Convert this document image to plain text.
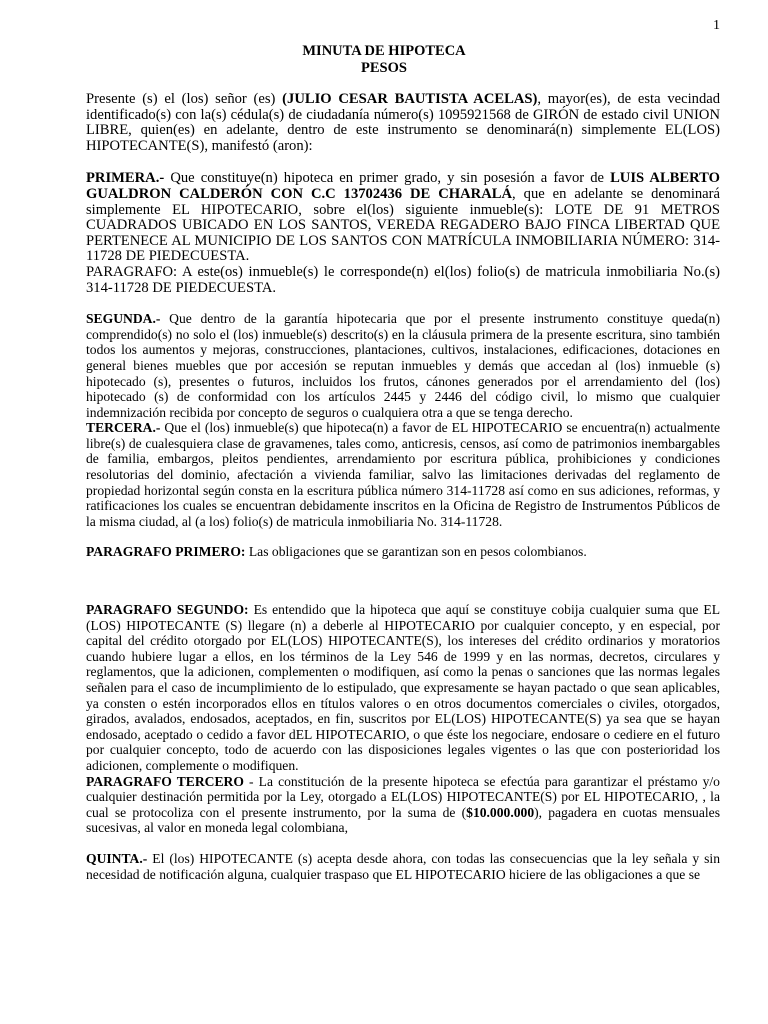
1
MINUTA DE HIPOTECA
PESOS

Presente (s) el (los) señor (es) (JULIO CESAR BAUTISTA ACELAS), mayor(es), de esta vecindad identificado(s) con la(s) cédula(s) de ciudadanía número(s) 1095921568 de GIRÓN de estado civil UNION LIBRE, quien(es) en adelante, dentro de este instrumento se denominará(n) simplemente EL(LOS) HIPOTECANTE(S), manifestó (aron):

PRIMERA.- Que constituye(n) hipoteca en primer grado, y sin posesión a favor de LUIS ALBERTO GUALDRON CALDERÓN CON C.C 13702436 DE CHARALÁ, que en adelante se denominará simplemente EL HIPOTECARIO, sobre el(los) siguiente inmueble(s): LOTE DE 91 METROS CUADRADOS UBICADO EN LOS SANTOS, VEREDA REGADERO BAJO FINCA LIBERTAD QUE PERTENECE AL MUNICIPIO DE LOS SANTOS CON MATRÍCULA INMOBILIARIA NÚMERO: 314-11728 DE PIEDECUESTA.

PARAGRAFO: A este(os) inmueble(s) le corresponde(n) el(los) folio(s) de matricula inmobiliaria No.(s) 314-11728 DE PIEDECUESTA.

SEGUNDA.- Que dentro de la garantía hipotecaria que por el presente instrumento constituye queda(n) comprendido(s) no solo el (los) inmueble(s) descrito(s) en la cláusula primera de la presente escritura, sino también todos los aumentos y mejoras, construcciones, plantaciones, cultivos, instalaciones, edificaciones, dotaciones en general bienes muebles que por accesión se reputan inmuebles y demás que accedan al (los) inmueble (s) hipotecado (s), presentes o futuros, incluidos los frutos, cánones generados por el arrendamiento del (los) hipotecado (s) de conformidad con los artículos 2445 y 2446 del código civil, lo mismo que cualquier indemnización recibida por concepto de seguros o cualquiera otra a que se tenga derecho.

TERCERA.- Que el (los) inmueble(s) que hipoteca(n) a favor de EL HIPOTECARIO se encuentra(n) actualmente libre(s) de cualesquiera clase de gravamenes, tales como, anticresis, censos, así como de patrimonios inembargables de familia, embargos, pleitos pendientes, arrendamiento por escritura pública, prohibiciones y condiciones resolutorias del dominio, afectación a vivienda familiar, salvo las limitaciones derivadas del reglamento de propiedad horizontal según consta en la escritura pública número 314-11728 así como en sus adiciones, reformas, y ratificaciones los cuales se encuentran debidamente inscritos en la Oficina de Registro de Instrumentos Públicos de la misma ciudad, al (a los) folio(s) de matricula inmobiliaria No. 314-11728.

PARAGRAFO PRIMERO: Las obligaciones que se garantizan son en pesos colombianos.

PARAGRAFO SEGUNDO: Es entendido que la hipoteca que aquí se constituye cobija cualquier suma que EL (LOS) HIPOTECANTE (S) llegare (n) a deberle al HIPOTECARIO por cualquier concepto, y en especial, por capital del crédito otorgado por EL(LOS) HIPOTECANTE(S), los intereses del crédito ordinarios y moratorios cuando hubiere lugar a ellos, en los términos de la Ley 546 de 1999 y en las normas, decretos, circulares y reglamentos, que la adicionen, complementen o modifiquen, así como la penas o sanciones que las normas legales señalen para el caso de incumplimiento de lo estipulado, que expresamente se hayan pactado o que sean aplicables, ya consten o estén incorporados ellos en títulos valores o en otros documentos comerciales o civiles, otorgados, girados, avalados, endosados, aceptados, en fin, suscritos por EL(LOS) HIPOTECANTE(S) ya sea que se hayan endosado, aceptado o cedido a favor dEL HIPOTECARIO, o que éste los negociare, endosare o cediere en el futuro por cualquier concepto, todo de acuerdo con las disposiciones legales vigentes o las que con posterioridad los adicionen, complemente o modifiquen.

PARAGRAFO TERCERO - La constitución de la presente hipoteca se efectúa para garantizar el préstamo y/o cualquier destinación permitida por la Ley, otorgado a EL(LOS) HIPOTECANTE(S) por EL HIPOTECARIO, , la cual se protocoliza con el presente instrumento, por la suma de ($10.000.000), pagadera en cuotas mensuales sucesivas, al valor en moneda legal colombiana,

QUINTA.- El (los) HIPOTECANTE (s) acepta desde ahora, con todas las consecuencias que la ley señala y sin necesidad de notificación alguna, cualquier traspaso que EL HIPOTECARIO hiciere de las obligaciones a que se
